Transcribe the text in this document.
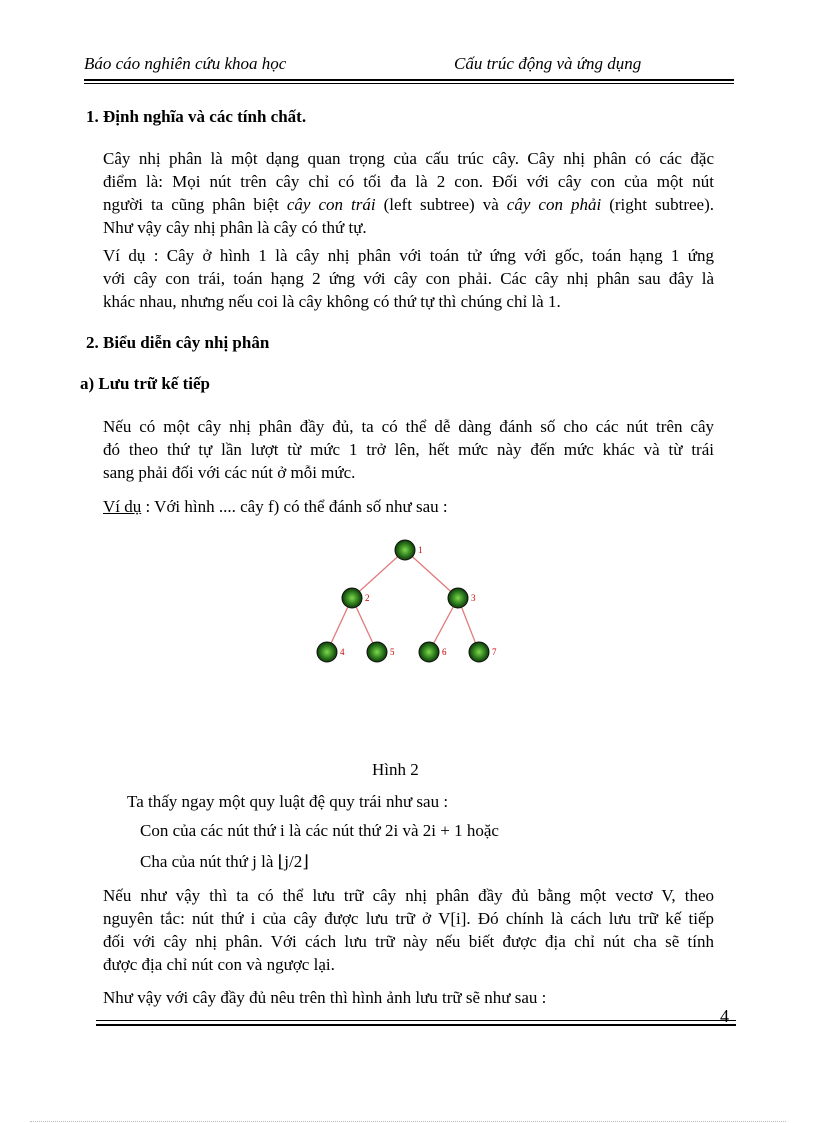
Báo cáo nghiên cứu khoa học	Cấu trúc động và ứng dụng
1. Định nghĩa và các tính chất.
Cây nhị phân là một dạng quan trọng của cấu trúc cây. Cây nhị phân có các đặc
điểm là: Mọi nút trên cây chỉ có tối đa là 2 con. Đối với cây con của một nút
người ta cũng phân biệt cây con trái (left subtree) và cây con phải (right subtree).
Như vậy cây nhị phân là cây có thứ tự.
Ví dụ : Cây ở hình 1 là cây nhị phân với toán tử ứng với gốc, toán hạng 1 ứng
với cây con trái, toán hạng 2 ứng với cây con phải. Các cây nhị phân sau đây là
khác nhau, nhưng nếu coi là cây không có thứ tự thì chúng chỉ là 1.
2. Biểu diễn cây nhị phân
a) Lưu trữ kế tiếp
Nếu có một cây nhị phân đầy đủ, ta có thể dễ dàng đánh số cho các nút trên cây
đó theo thứ tự lần lượt từ mức 1 trở lên, hết mức này đến mức khác và từ trái
sang phải đối với các nút ở mỗi mức.
Ví dụ : Với hình .... cây f) có thể đánh số như sau :
1
2	3
4	5	6	7
Hình 2
Ta thấy ngay một quy luật đệ quy trái như sau :
Con của các nút thứ i là các nút thứ 2i và 2i + 1 hoặc
Cha của nút thứ j là ⌊j/2⌋
Nếu như vậy thì ta có thể lưu trữ cây nhị phân đầy đủ bằng một vectơ V, theo
nguyên tắc: nút thứ i của cây được lưu trữ ở V[i]. Đó chính là cách lưu trữ kế tiếp
đối với cây nhị phân. Với cách lưu trữ này nếu biết được địa chỉ nút cha sẽ tính
được địa chỉ nút con và ngược lại.
Như vậy với cây đầy đủ nêu trên thì hình ảnh lưu trữ sẽ như sau :
4
